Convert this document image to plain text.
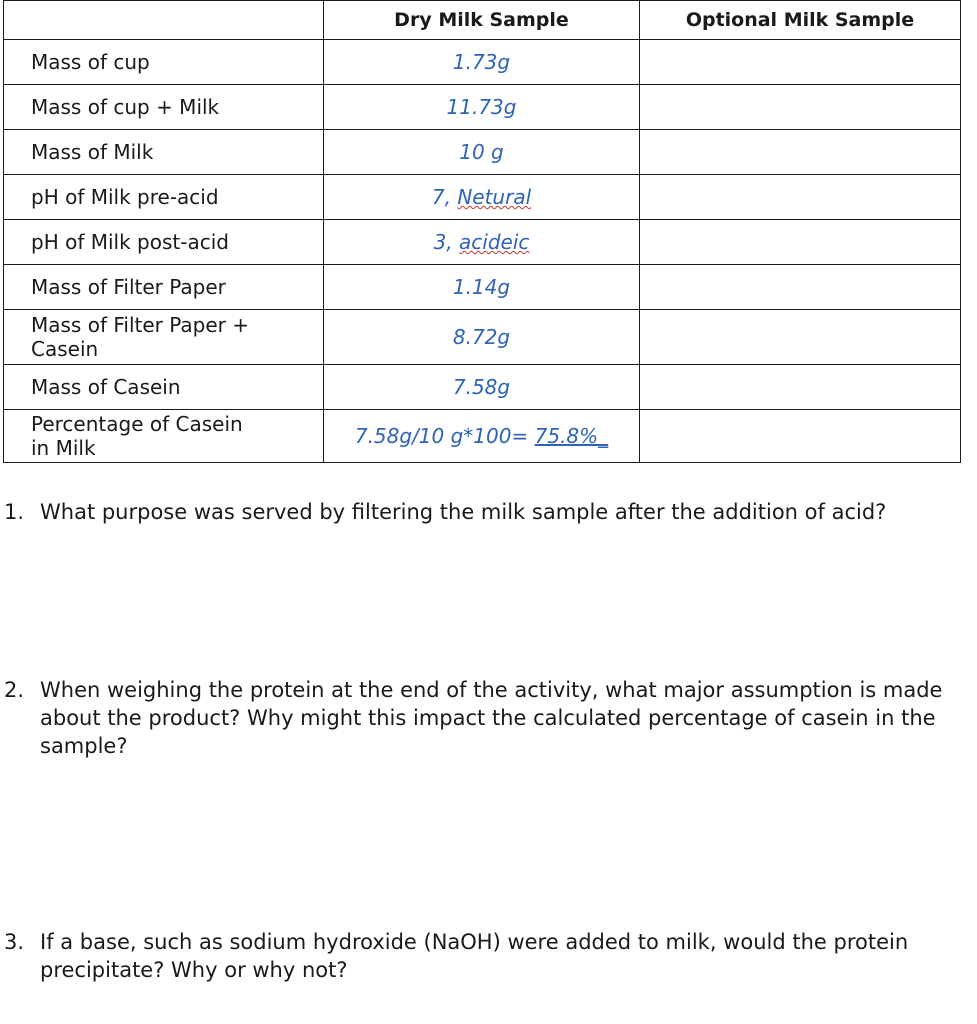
	Dry Milk Sample	Optional Milk Sample
Mass of cup	1.73g	
Mass of cup + Milk	11.73g	
Mass of Milk	10 g	
pH of Milk pre-acid	7, Netural	
pH of Milk post-acid	3, acideic	
Mass of Filter Paper	1.14g	
Mass of Filter Paper +
Casein	8.72g	
Mass of Casein	7.58g	
Percentage of Casein
in Milk	7.58g/10 g*100= 75.8%_	
1. What purpose was served by filtering the milk sample after the addition of acid?
2. When weighing the protein at the end of the activity, what major assumption is made about the product? Why might this impact the calculated percentage of casein in the sample?
3. If a base, such as sodium hydroxide (NaOH) were added to milk, would the protein precipitate? Why or why not?
